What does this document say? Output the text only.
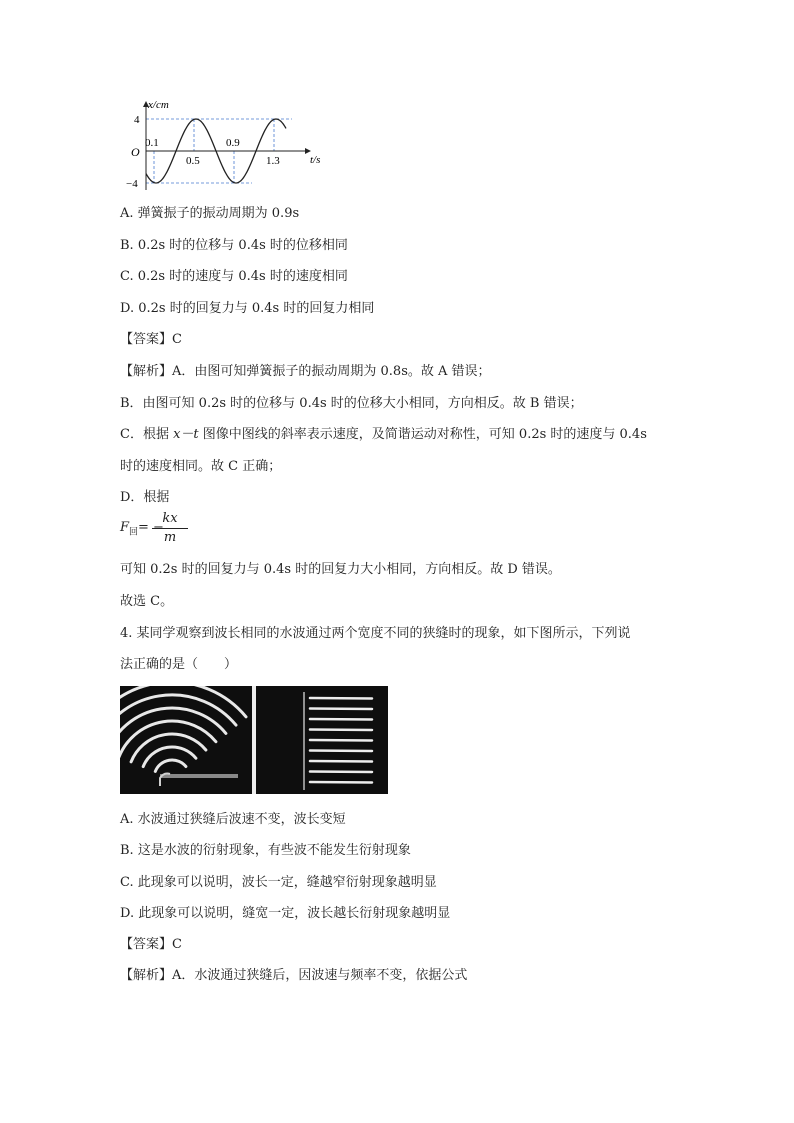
x/cm
t/s
O
4
−4
0.1
0.5
0.9
1.3
A. 弹簧振子的振动周期为 0.9s
B. 0.2s 时的位移与 0.4s 时的位移相同
C. 0.2s 时的速度与 0.4s 时的速度相同
D. 0.2s 时的回复力与 0.4s 时的回复力相同
【答案】C
【解析】A．由图可知弹簧振子的振动周期为 0.8s。故 A 错误；
B．由图可知 0.2s 时的位移与 0.4s 时的位移大小相同，方向相反。故 B 错误；
C．根据 x－t 图像中图线的斜率表示速度，及简谐运动对称性，可知 0.2s 时的速度与 0.4s
时的速度相同。故 C 正确；
D．根据
$F_回$ = −
$\frac{kx}{m}$
可知 0.2s 时的回复力与 0.4s 时的回复力大小相同，方向相反。故 D 错误。
故选 C。
4. 某同学观察到波长相同的水波通过两个宽度不同的狭缝时的现象，如下图所示，下列说
法正确的是（　　）
A. 水波通过狭缝后波速不变，波长变短
B. 这是水波的衍射现象，有些波不能发生衍射现象
C. 此现象可以说明，波长一定，缝越窄衍射现象越明显
D. 此现象可以说明，缝宽一定，波长越长衍射现象越明显
【答案】C
【解析】A．水波通过狭缝后，因波速与频率不变，依据公式
